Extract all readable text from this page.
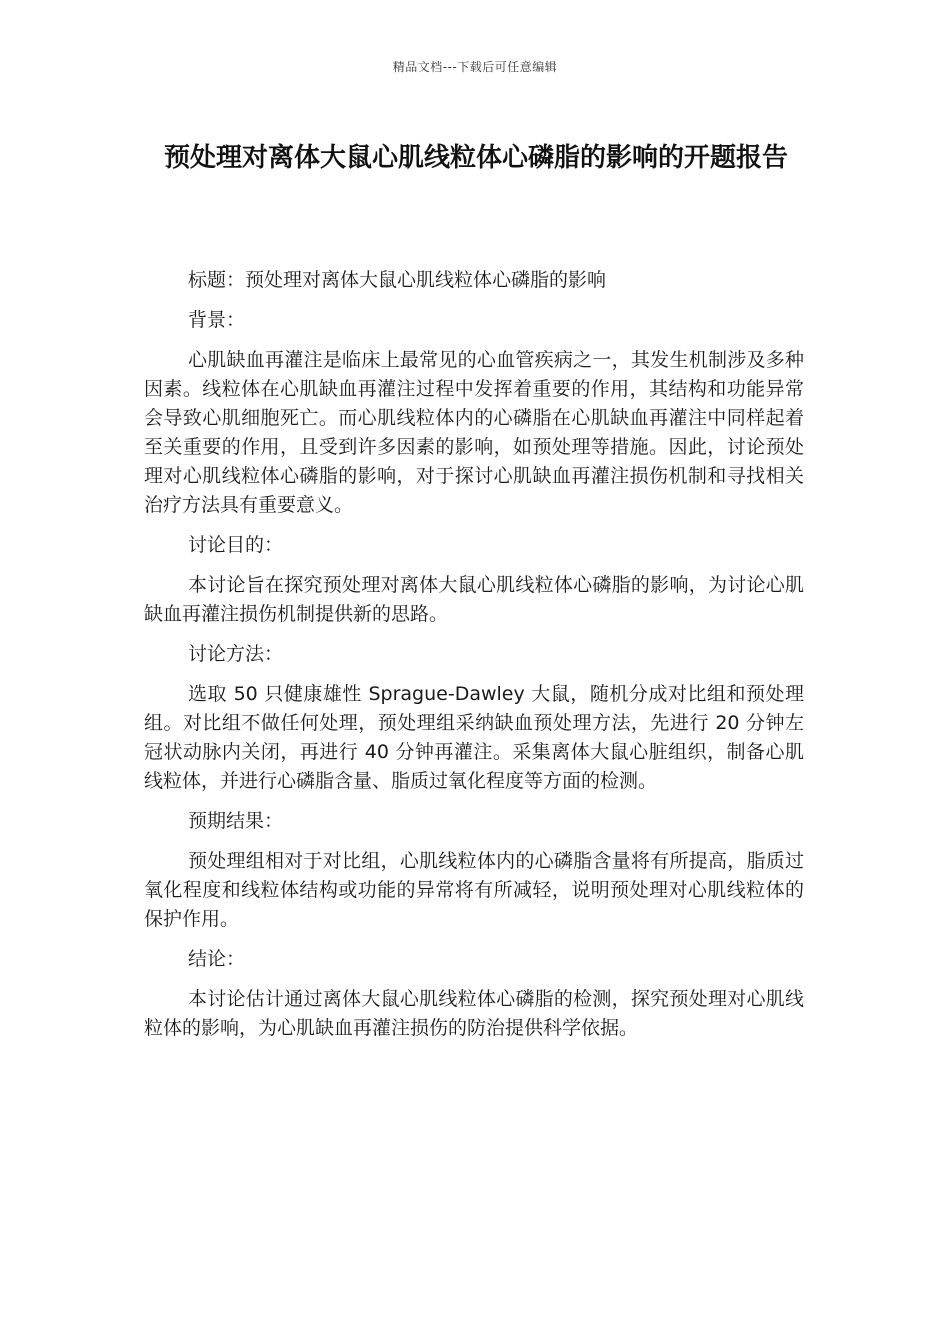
精品文档---下载后可任意编辑
预处理对离体大鼠心肌线粒体心磷脂的影响的开题报告

标题：预处理对离体大鼠心肌线粒体心磷脂的影响

背景：

心肌缺血再灌注是临床上最常见的心血管疾病之一，其发生机制涉及多种因素。线粒体在心肌缺血再灌注过程中发挥着重要的作用，其结构和功能异常会导致心肌细胞死亡。而心肌线粒体内的心磷脂在心肌缺血再灌注中同样起着至关重要的作用，且受到许多因素的影响，如预处理等措施。因此，讨论预处理对心肌线粒体心磷脂的影响，对于探讨心肌缺血再灌注损伤机制和寻找相关治疗方法具有重要意义。

讨论目的：

本讨论旨在探究预处理对离体大鼠心肌线粒体心磷脂的影响，为讨论心肌缺血再灌注损伤机制提供新的思路。

讨论方法：

选取 50 只健康雄性 Sprague-Dawley 大鼠，随机分成对比组和预处理组。对比组不做任何处理，预处理组采纳缺血预处理方法，先进行 20 分钟左冠状动脉内关闭，再进行 40 分钟再灌注。采集离体大鼠心脏组织，制备心肌线粒体，并进行心磷脂含量、脂质过氧化程度等方面的检测。

预期结果：

预处理组相对于对比组，心肌线粒体内的心磷脂含量将有所提高，脂质过氧化程度和线粒体结构或功能的异常将有所减轻，说明预处理对心肌线粒体的保护作用。

结论：

本讨论估计通过离体大鼠心肌线粒体心磷脂的检测，探究预处理对心肌线粒体的影响，为心肌缺血再灌注损伤的防治提供科学依据。
